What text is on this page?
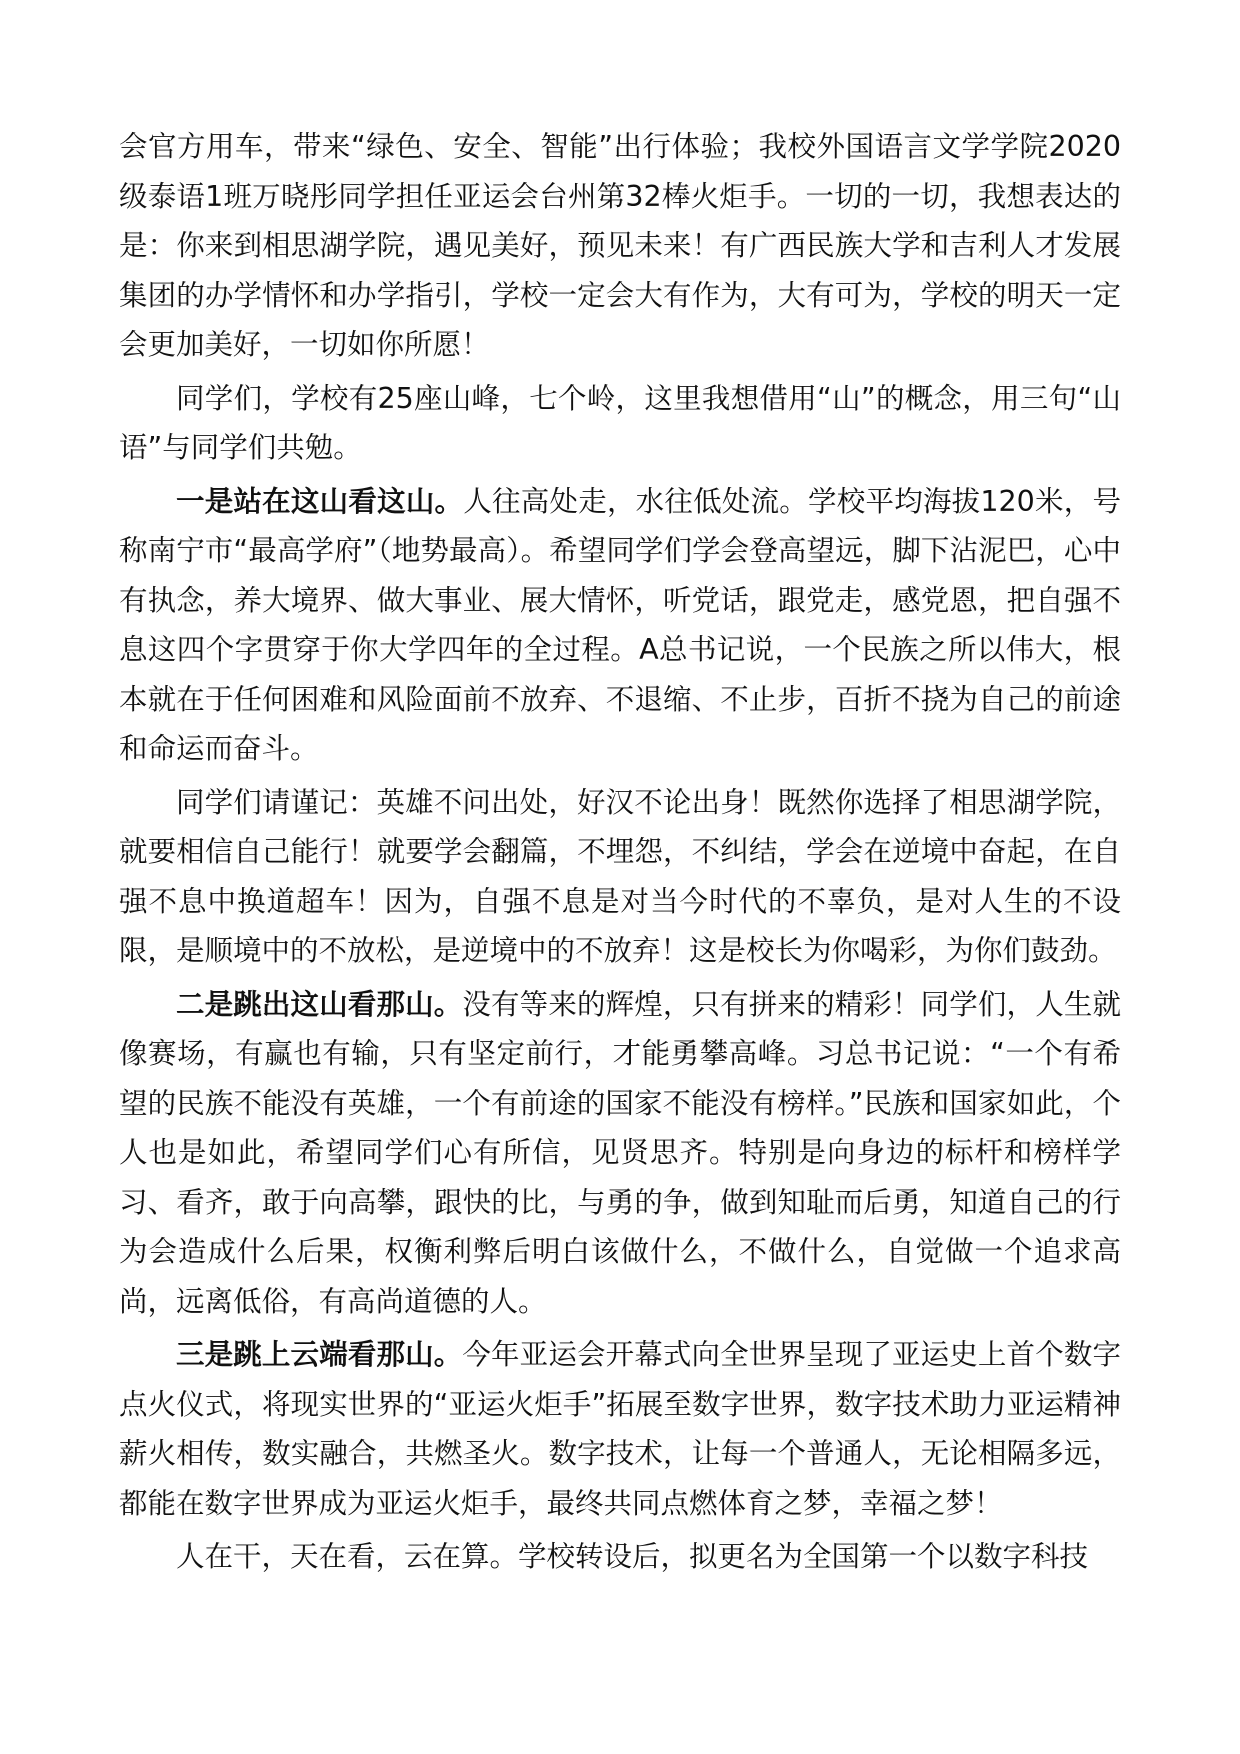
会官方用车，带来“绿色、安全、智能”出行体验；我校外国语言文学学院2020级泰语1班万晓彤同学担任亚运会台州第32棒火炬手。一切的一切，我想表达的是：你来到相思湖学院，遇见美好，预见未来！有广西民族大学和吉利人才发展集团的办学情怀和办学指引，学校一定会大有作为，大有可为，学校的明天一定会更加美好，一切如你所愿！

同学们，学校有25座山峰，七个岭，这里我想借用“山”的概念，用三句“山语”与同学们共勉。

一是站在这山看这山。人往高处走，水往低处流。学校平均海拔120米，号称南宁市“最高学府”（地势最高）。希望同学们学会登高望远，脚下沾泥巴，心中有执念，养大境界、做大事业、展大情怀，听党话，跟党走，感党恩，把自强不息这四个字贯穿于你大学四年的全过程。A总书记说，一个民族之所以伟大，根本就在于任何困难和风险面前不放弃、不退缩、不止步，百折不挠为自己的前途和命运而奋斗。

同学们请谨记：英雄不问出处，好汉不论出身！既然你选择了相思湖学院，就要相信自己能行！就要学会翻篇，不埋怨，不纠结，学会在逆境中奋起，在自强不息中换道超车！因为，自强不息是对当今时代的不辜负，是对人生的不设限，是顺境中的不放松，是逆境中的不放弃！这是校长为你喝彩，为你们鼓劲。

二是跳出这山看那山。没有等来的辉煌，只有拼来的精彩！同学们，人生就像赛场，有赢也有输，只有坚定前行，才能勇攀高峰。习总书记说：“一个有希望的民族不能没有英雄，一个有前途的国家不能没有榜样。”民族和国家如此，个人也是如此，希望同学们心有所信，见贤思齐。特别是向身边的标杆和榜样学习、看齐，敢于向高攀，跟快的比，与勇的争，做到知耻而后勇，知道自己的行为会造成什么后果，权衡利弊后明白该做什么，不做什么，自觉做一个追求高尚，远离低俗，有高尚道德的人。

三是跳上云端看那山。今年亚运会开幕式向全世界呈现了亚运史上首个数字点火仪式，将现实世界的“亚运火炬手”拓展至数字世界，数字技术助力亚运精神薪火相传，数实融合，共燃圣火。数字技术，让每一个普通人，无论相隔多远，都能在数字世界成为亚运火炬手，最终共同点燃体育之梦，幸福之梦！

人在干，天在看，云在算。学校转设后，拟更名为全国第一个以数字科技
